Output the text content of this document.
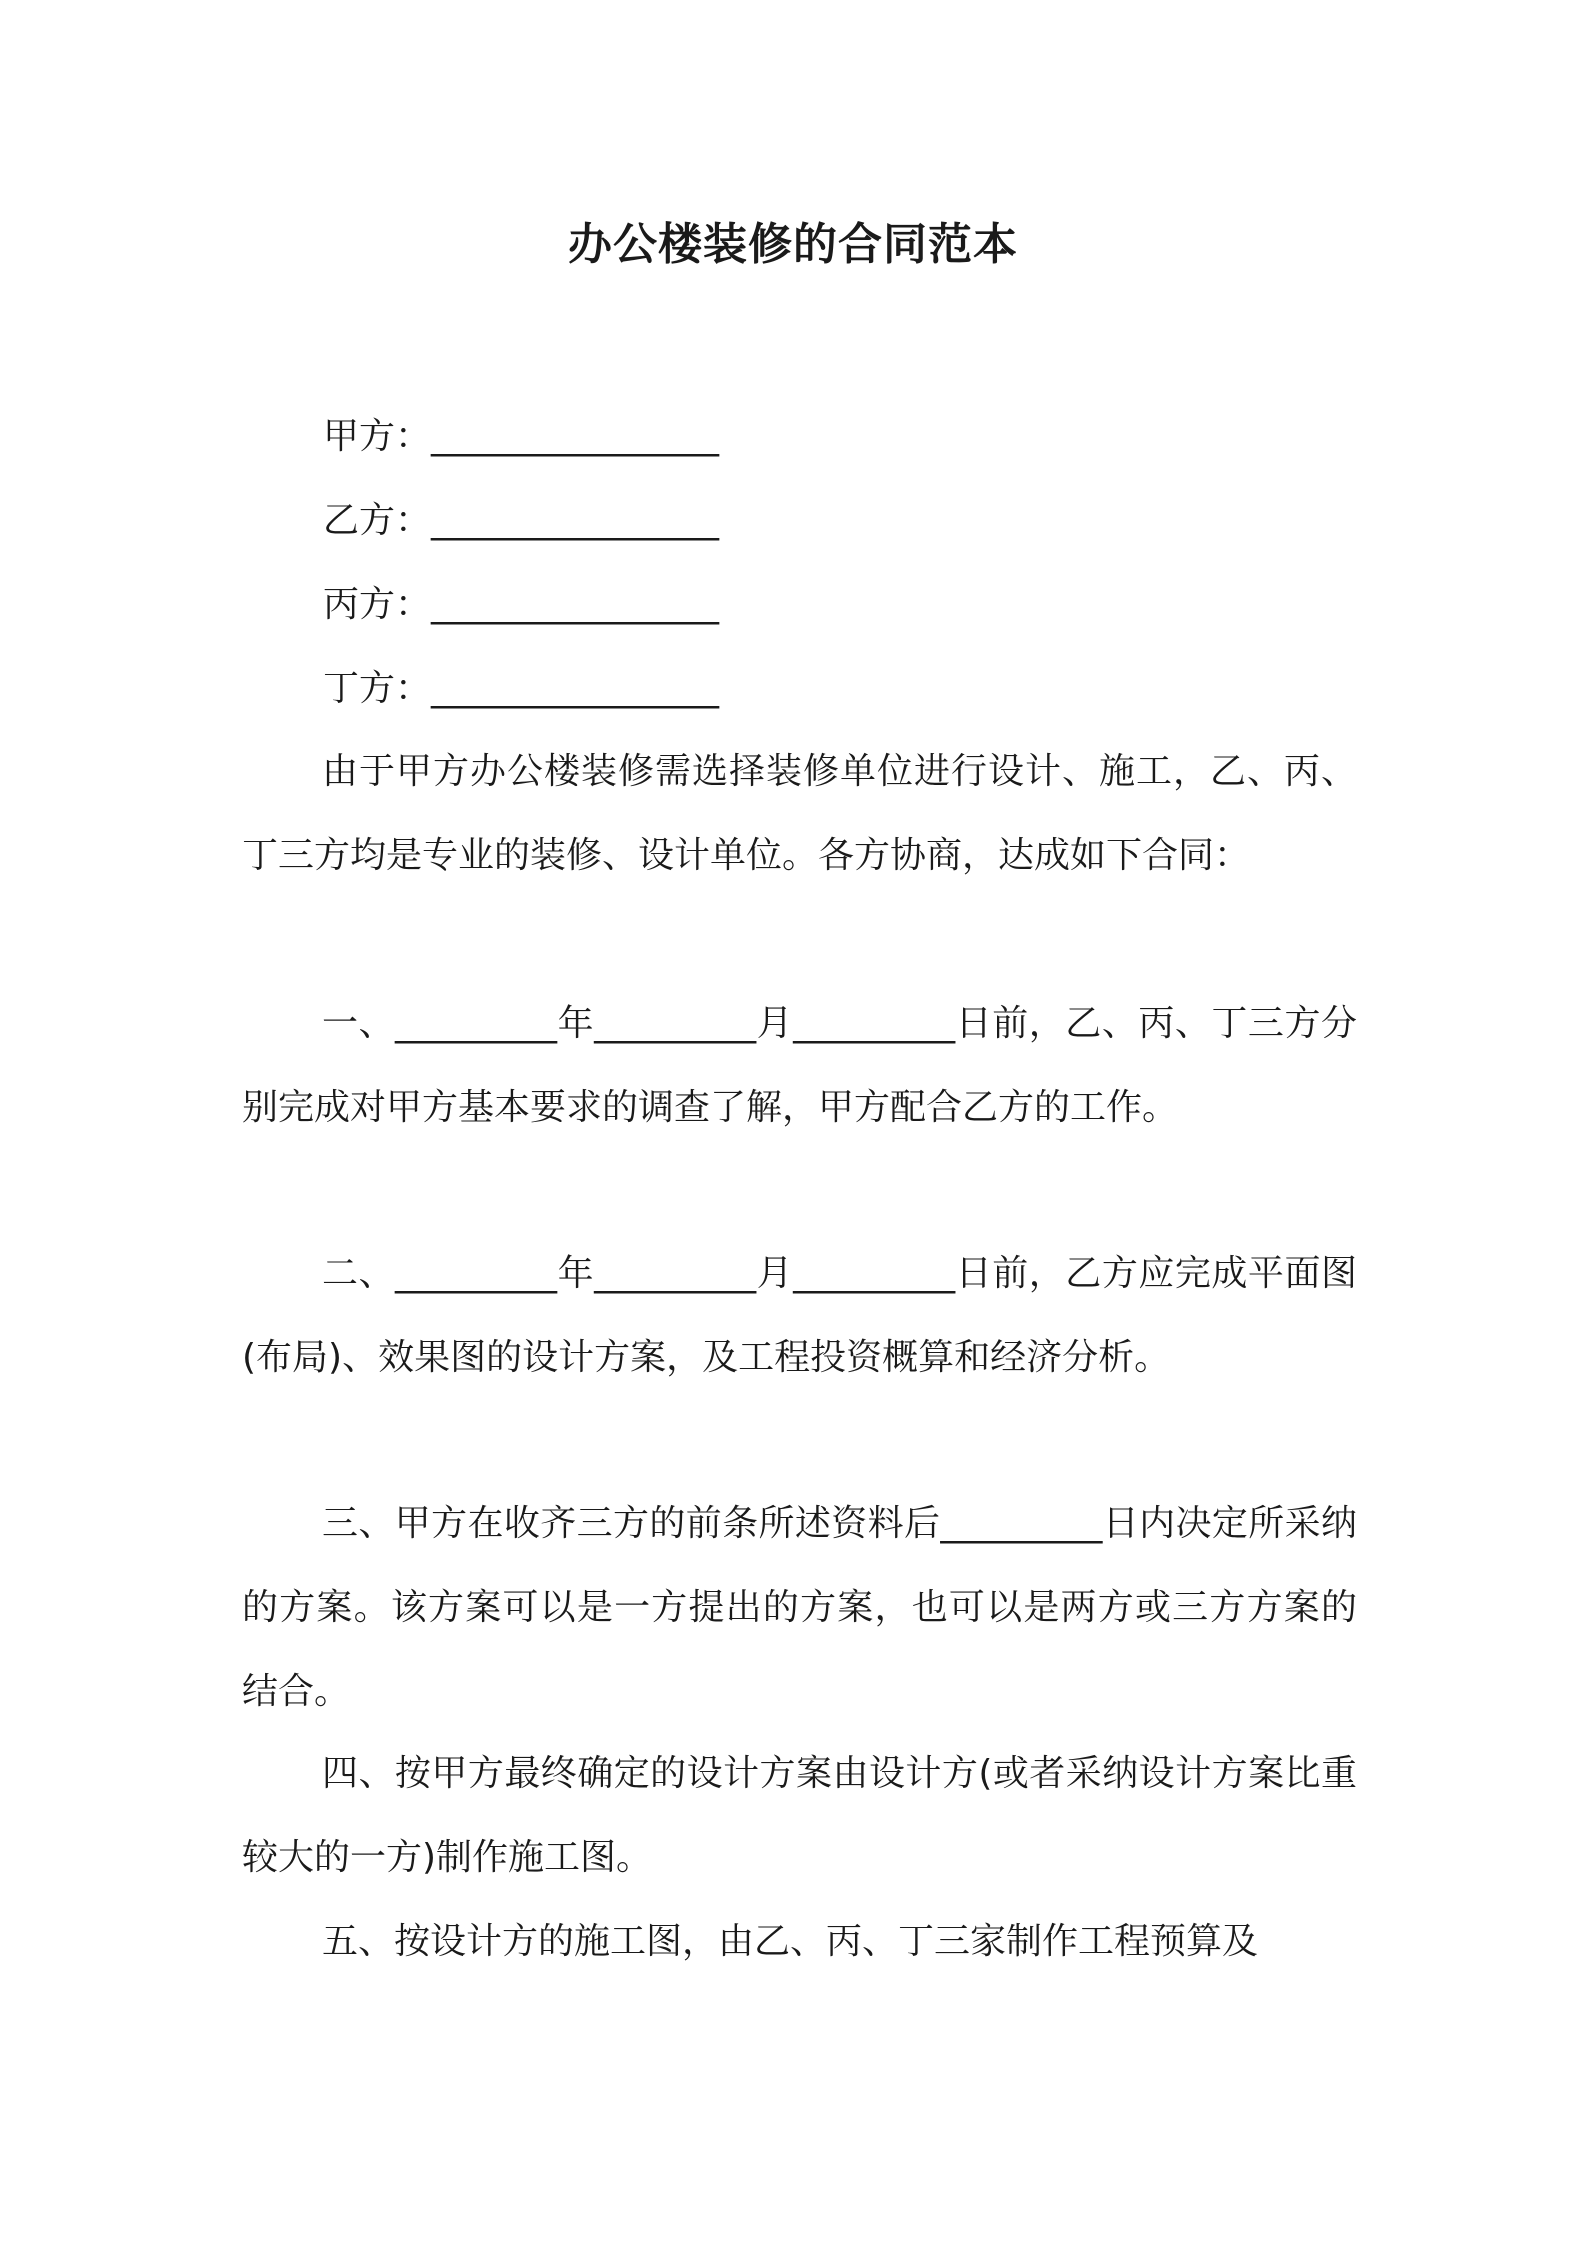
办公楼装修的合同范本
甲方：________________
乙方：________________
丙方：________________
丁方：________________

由于甲方办公楼装修需选择装修单位进行设计、施工，乙、丙、丁三方均是专业的装修、设计单位。各方协商，达成如下合同：

一、_________年_________月_________日前，乙、丙、丁三方分别完成对甲方基本要求的调查了解，甲方配合乙方的工作。

二、_________年_________月_________日前，乙方应完成平面图(布局)、效果图的设计方案，及工程投资概算和经济分析。

三、甲方在收齐三方的前条所述资料后_________日内决定所采纳的方案。该方案可以是一方提出的方案，也可以是两方或三方方案的结合。

四、按甲方最终确定的设计方案由设计方(或者采纳设计方案比重较大的一方)制作施工图。

五、按设计方的施工图，由乙、丙、丁三家制作工程预算及
